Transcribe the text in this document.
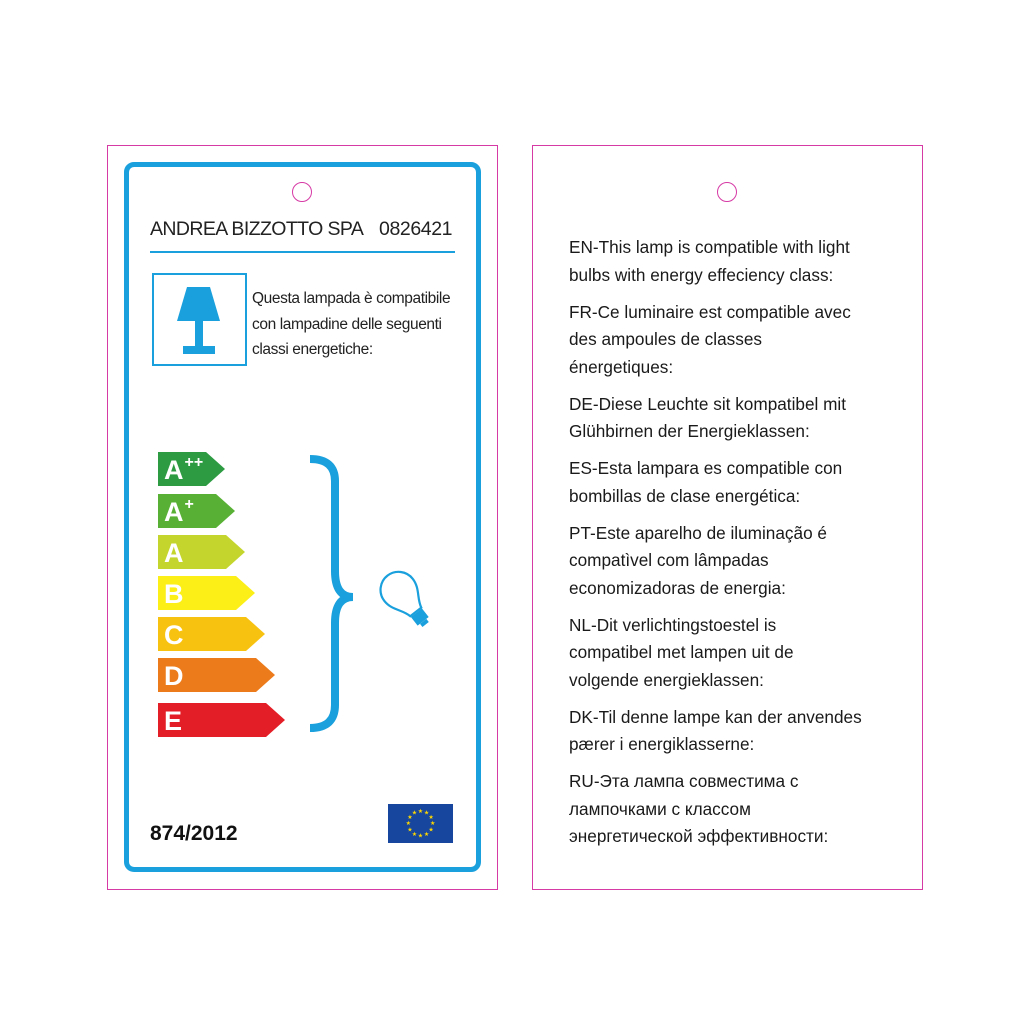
ANDREA BIZZOTTO SPA 0826421
Questa lampada è compatibile
con lampadine delle seguenti
classi energetiche:
E
D
C
B
A
A+
A++
874/2012
★ ★
★
★
★
★
★
★
★
★
★
★

EN-This lamp is compatible with light
bulbs with energy effeciency class:

FR-Ce luminaire est compatible avec
des ampoules de classes
énergetiques:

DE-Diese Leuchte sit kompatibel mit
Glühbirnen der Energieklassen:

ES-Esta lampara es compatible con
bombillas de clase energética:

PT-Este aparelho de iluminação é
compatìvel com lâmpadas
economizadoras de energia:

NL-Dit verlichtingstoestel is
compatibel met lampen uit de
volgende energieklassen:

DK-Til denne lampe kan der anvendes
pærer i energiklasserne:

RU-Эта лампа совместима с
лампочками с классом
энергетической эффективности:
